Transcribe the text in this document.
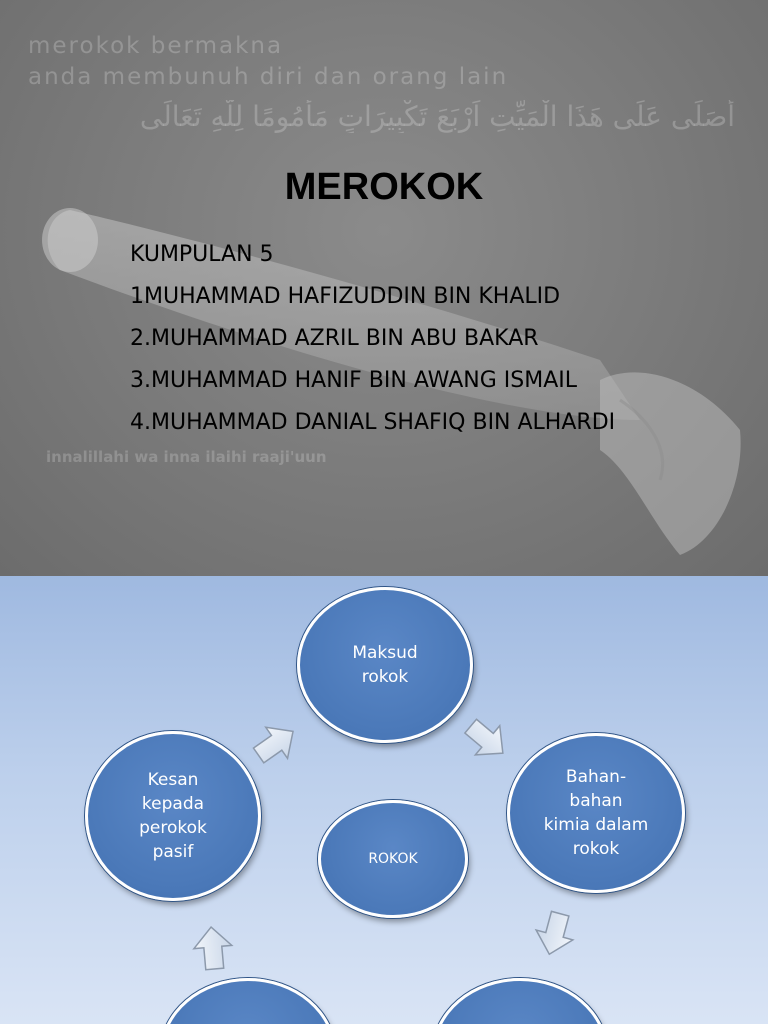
merokok bermakna

anda membunuh diri dan orang lain

أُصَلِّى عَلَى هَذَا الْمَيِّتِ اَرْبَعَ تَكْبِيرَاتٍ مَأْمُومًا لِلّهِ تَعَالَى

innalillahi wa inna ilaihi raaji'uun

MEROKOK
KUMPULAN 5
1MUHAMMAD HAFIZUDDIN BIN KHALID
2.MUHAMMAD AZRIL BIN ABU BAKAR
3.MUHAMMAD HANIF BIN AWANG ISMAIL
4.MUHAMMAD DANIAL SHAFIQ BIN ALHARDI
Maksud
rokok
Bahan-
bahan
kimia dalam
rokok
Kesan
kepada
perokok
pasif	ROKOK
